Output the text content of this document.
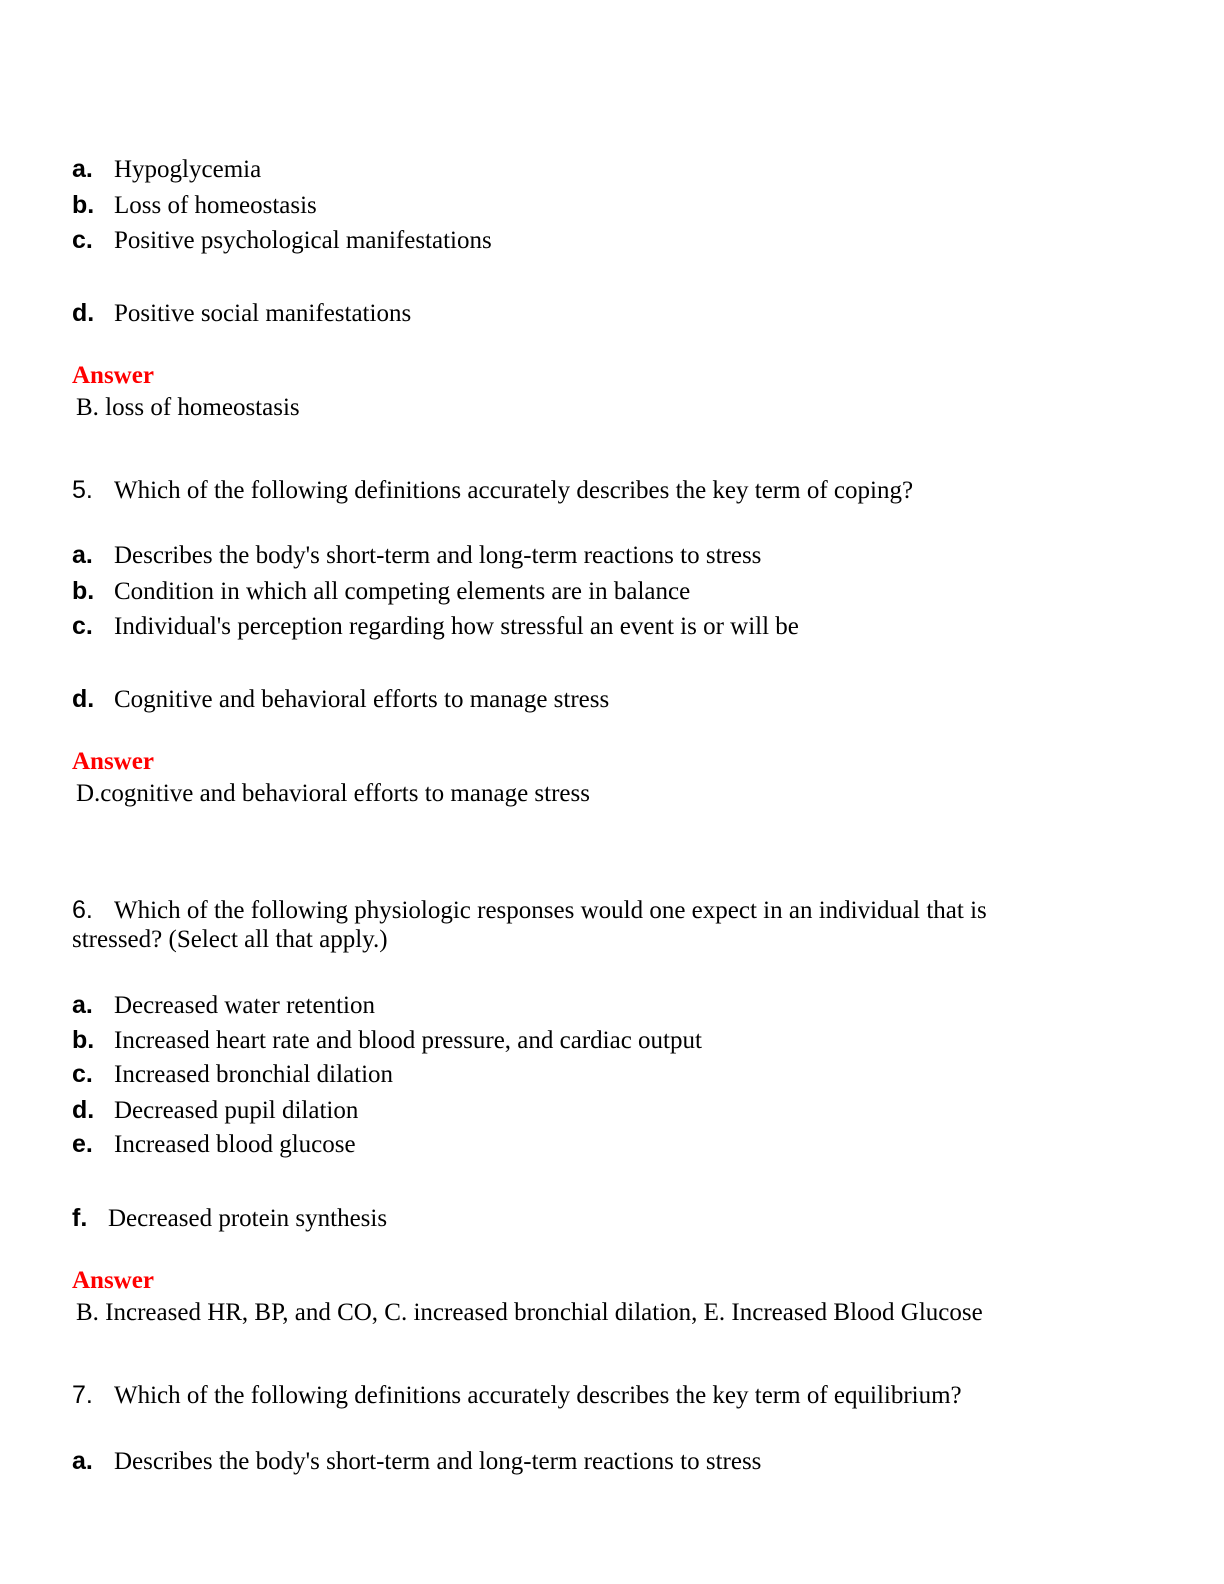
a. Hypoglycemia
b. Loss of homeostasis
c. Positive psychological manifestations
d. Positive social manifestations
Answer
B. loss of homeostasis
5. Which of the following definitions accurately describes the key term of coping?
a. Describes the body's short-term and long-term reactions to stress
b. Condition in which all competing elements are in balance
c. Individual's perception regarding how stressful an event is or will be
d. Cognitive and behavioral efforts to manage stress
Answer
D.cognitive and behavioral efforts to manage stress
6. Which of the following physiologic responses would one expect in an individual that is
stressed? (Select all that apply.)
a. Decreased water retention
b. Increased heart rate and blood pressure, and cardiac output
c. Increased bronchial dilation
d. Decreased pupil dilation
e. Increased blood glucose
f. Decreased protein synthesis
Answer
B. Increased HR, BP, and CO, C. increased bronchial dilation, E. Increased Blood Glucose
7. Which of the following definitions accurately describes the key term of equilibrium?
a. Describes the body's short-term and long-term reactions to stress
